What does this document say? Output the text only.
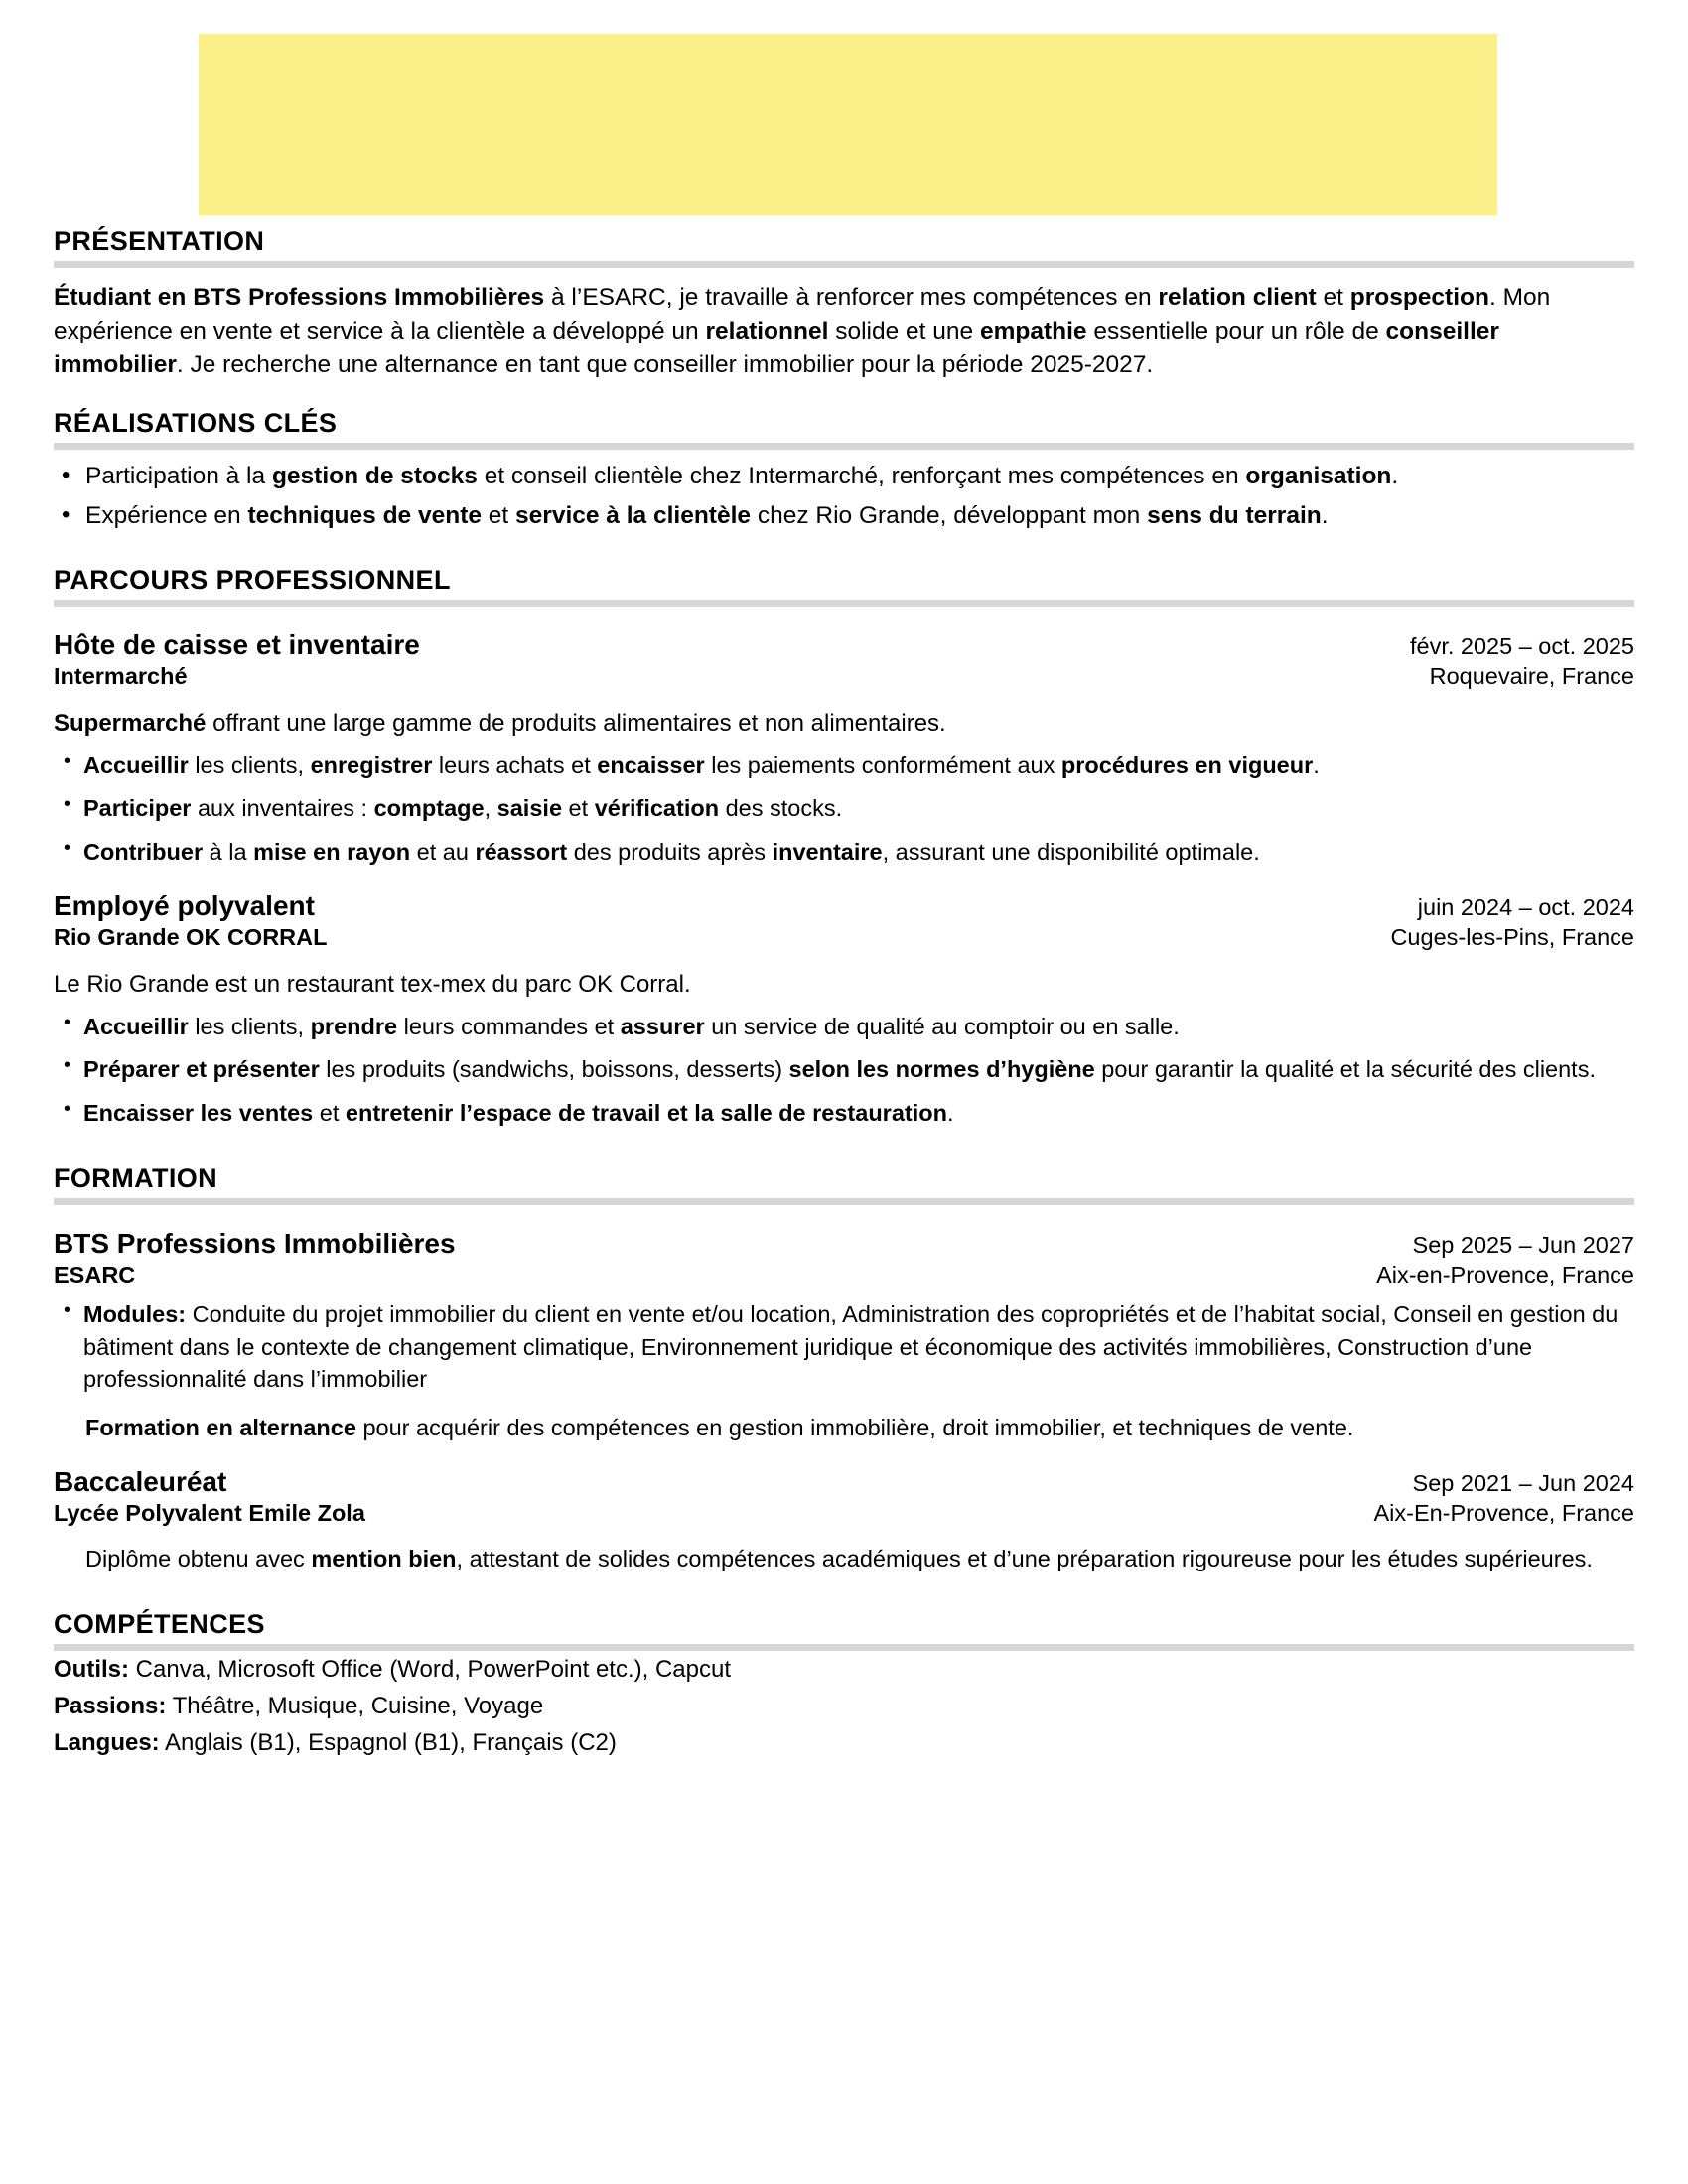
PRÉSENTATION
Étudiant en BTS Professions Immobilières à l’ESARC, je travaille à renforcer mes compétences en relation client et prospection. Mon expérience en vente et service à la clientèle a développé un relationnel solide et une empathie essentielle pour un rôle de conseiller immobilier. Je recherche une alternance en tant que conseiller immobilier pour la période 2025-2027.
RÉALISATIONS CLÉS
• Participation à la gestion de stocks et conseil clientèle chez Intermarché, renforçant mes compétences en organisation.
• Expérience en techniques de vente et service à la clientèle chez Rio Grande, développant mon sens du terrain.
PARCOURS PROFESSIONNEL
Hôte de caisse et inventaire	févr. 2025 – oct. 2025
Intermarché	Roquevaire, France
Supermarché offrant une large gamme de produits alimentaires et non alimentaires.
• Accueillir les clients, enregistrer leurs achats et encaisser les paiements conformément aux procédures en vigueur.
• Participer aux inventaires : comptage, saisie et vérification des stocks.
• Contribuer à la mise en rayon et au réassort des produits après inventaire, assurant une disponibilité optimale.
Employé polyvalent	juin 2024 – oct. 2024
Rio Grande OK CORRAL	Cuges-les-Pins, France
Le Rio Grande est un restaurant tex-mex du parc OK Corral.
• Accueillir les clients, prendre leurs commandes et assurer un service de qualité au comptoir ou en salle.
• Préparer et présenter les produits (sandwichs, boissons, desserts) selon les normes d’hygiène pour garantir la qualité et la sécurité des clients.
• Encaisser les ventes et entretenir l’espace de travail et la salle de restauration.
FORMATION
BTS Professions Immobilières	Sep 2025 – Jun 2027
ESARC	Aix-en-Provence, France
• Modules: Conduite du projet immobilier du client en vente et/ou location, Administration des copropriétés et de l’habitat social, Conseil en gestion du bâtiment dans le contexte de changement climatique, Environnement juridique et économique des activités immobilières, Construction d’une professionnalité dans l’immobilier
Formation en alternance pour acquérir des compétences en gestion immobilière, droit immobilier, et techniques de vente.
Baccaleuréat	Sep 2021 – Jun 2024
Lycée Polyvalent Emile Zola	Aix-En-Provence, France
Diplôme obtenu avec mention bien, attestant de solides compétences académiques et d’une préparation rigoureuse pour les études supérieures.
COMPÉTENCES
Outils: Canva, Microsoft Office (Word, PowerPoint etc.), Capcut
Passions: Théâtre, Musique, Cuisine, Voyage
Langues: Anglais (B1), Espagnol (B1), Français (C2)
